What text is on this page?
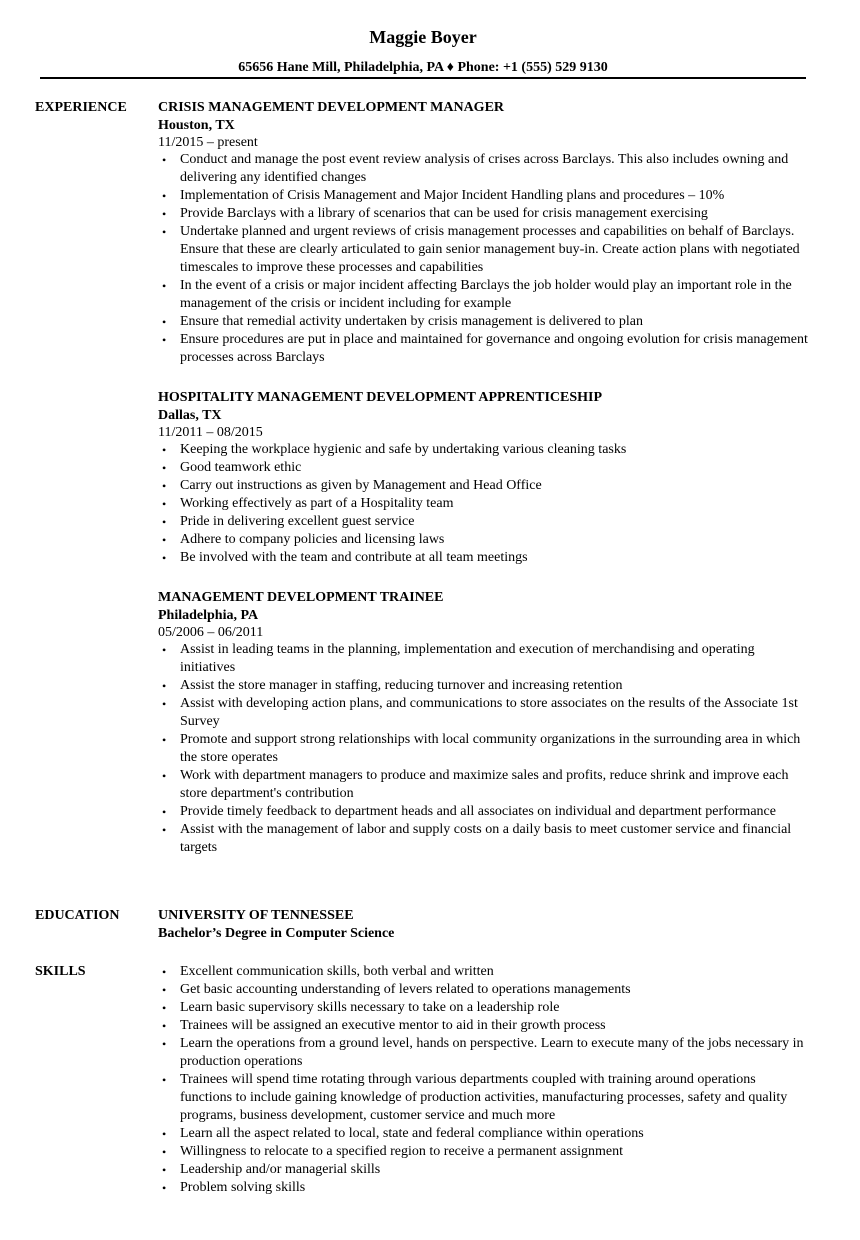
Maggie Boyer
65656 Hane Mill, Philadelphia, PA ♦ Phone: +1 (555) 529 9130
EXPERIENCE CRISIS MANAGEMENT DEVELOPMENT MANAGER
Houston, TX
11/2015 – present
• Conduct and manage the post event review analysis of crises across Barclays. This also includes owning and delivering any identified changes
• Implementation of Crisis Management and Major Incident Handling plans and procedures – 10%
• Provide Barclays with a library of scenarios that can be used for crisis management exercising
• Undertake planned and urgent reviews of crisis management processes and capabilities on behalf of Barclays. Ensure that these are clearly articulated to gain senior management buy-in. Create action plans with negotiated timescales to improve these processes and capabilities
• In the event of a crisis or major incident affecting Barclays the job holder would play an important role in the management of the crisis or incident including for example
• Ensure that remedial activity undertaken by crisis management is delivered to plan
• Ensure procedures are put in place and maintained for governance and ongoing evolution for crisis management processes across Barclays
HOSPITALITY MANAGEMENT DEVELOPMENT APPRENTICESHIP
Dallas, TX
11/2011 – 08/2015
• Keeping the workplace hygienic and safe by undertaking various cleaning tasks
• Good teamwork ethic
• Carry out instructions as given by Management and Head Office
• Working effectively as part of a Hospitality team
• Pride in delivering excellent guest service
• Adhere to company policies and licensing laws
• Be involved with the team and contribute at all team meetings
MANAGEMENT DEVELOPMENT TRAINEE
Philadelphia, PA
05/2006 – 06/2011
• Assist in leading teams in the planning, implementation and execution of merchandising and operating initiatives
• Assist the store manager in staffing, reducing turnover and increasing retention
• Assist with developing action plans, and communications to store associates on the results of the Associate 1st Survey
• Promote and support strong relationships with local community organizations in the surrounding area in which the store operates
• Work with department managers to produce and maximize sales and profits, reduce shrink and improve each store department's contribution
• Provide timely feedback to department heads and all associates on individual and department performance
• Assist with the management of labor and supply costs on a daily basis to meet customer service and financial targets
EDUCATION	UNIVERSITY OF TENNESSEE
Bachelor’s Degree in Computer Science
SKILLS	• Excellent communication skills, both verbal and written
• Get basic accounting understanding of levers related to operations managements
• Learn basic supervisory skills necessary to take on a leadership role
• Trainees will be assigned an executive mentor to aid in their growth process
• Learn the operations from a ground level, hands on perspective. Learn to execute many of the jobs necessary in production operations
• Trainees will spend time rotating through various departments coupled with training around operations functions to include gaining knowledge of production activities, manufacturing processes, safety and quality programs, business development, customer service and much more
• Learn all the aspect related to local, state and federal compliance within operations
• Willingness to relocate to a specified region to receive a permanent assignment
• Leadership and/or managerial skills
• Problem solving skills
